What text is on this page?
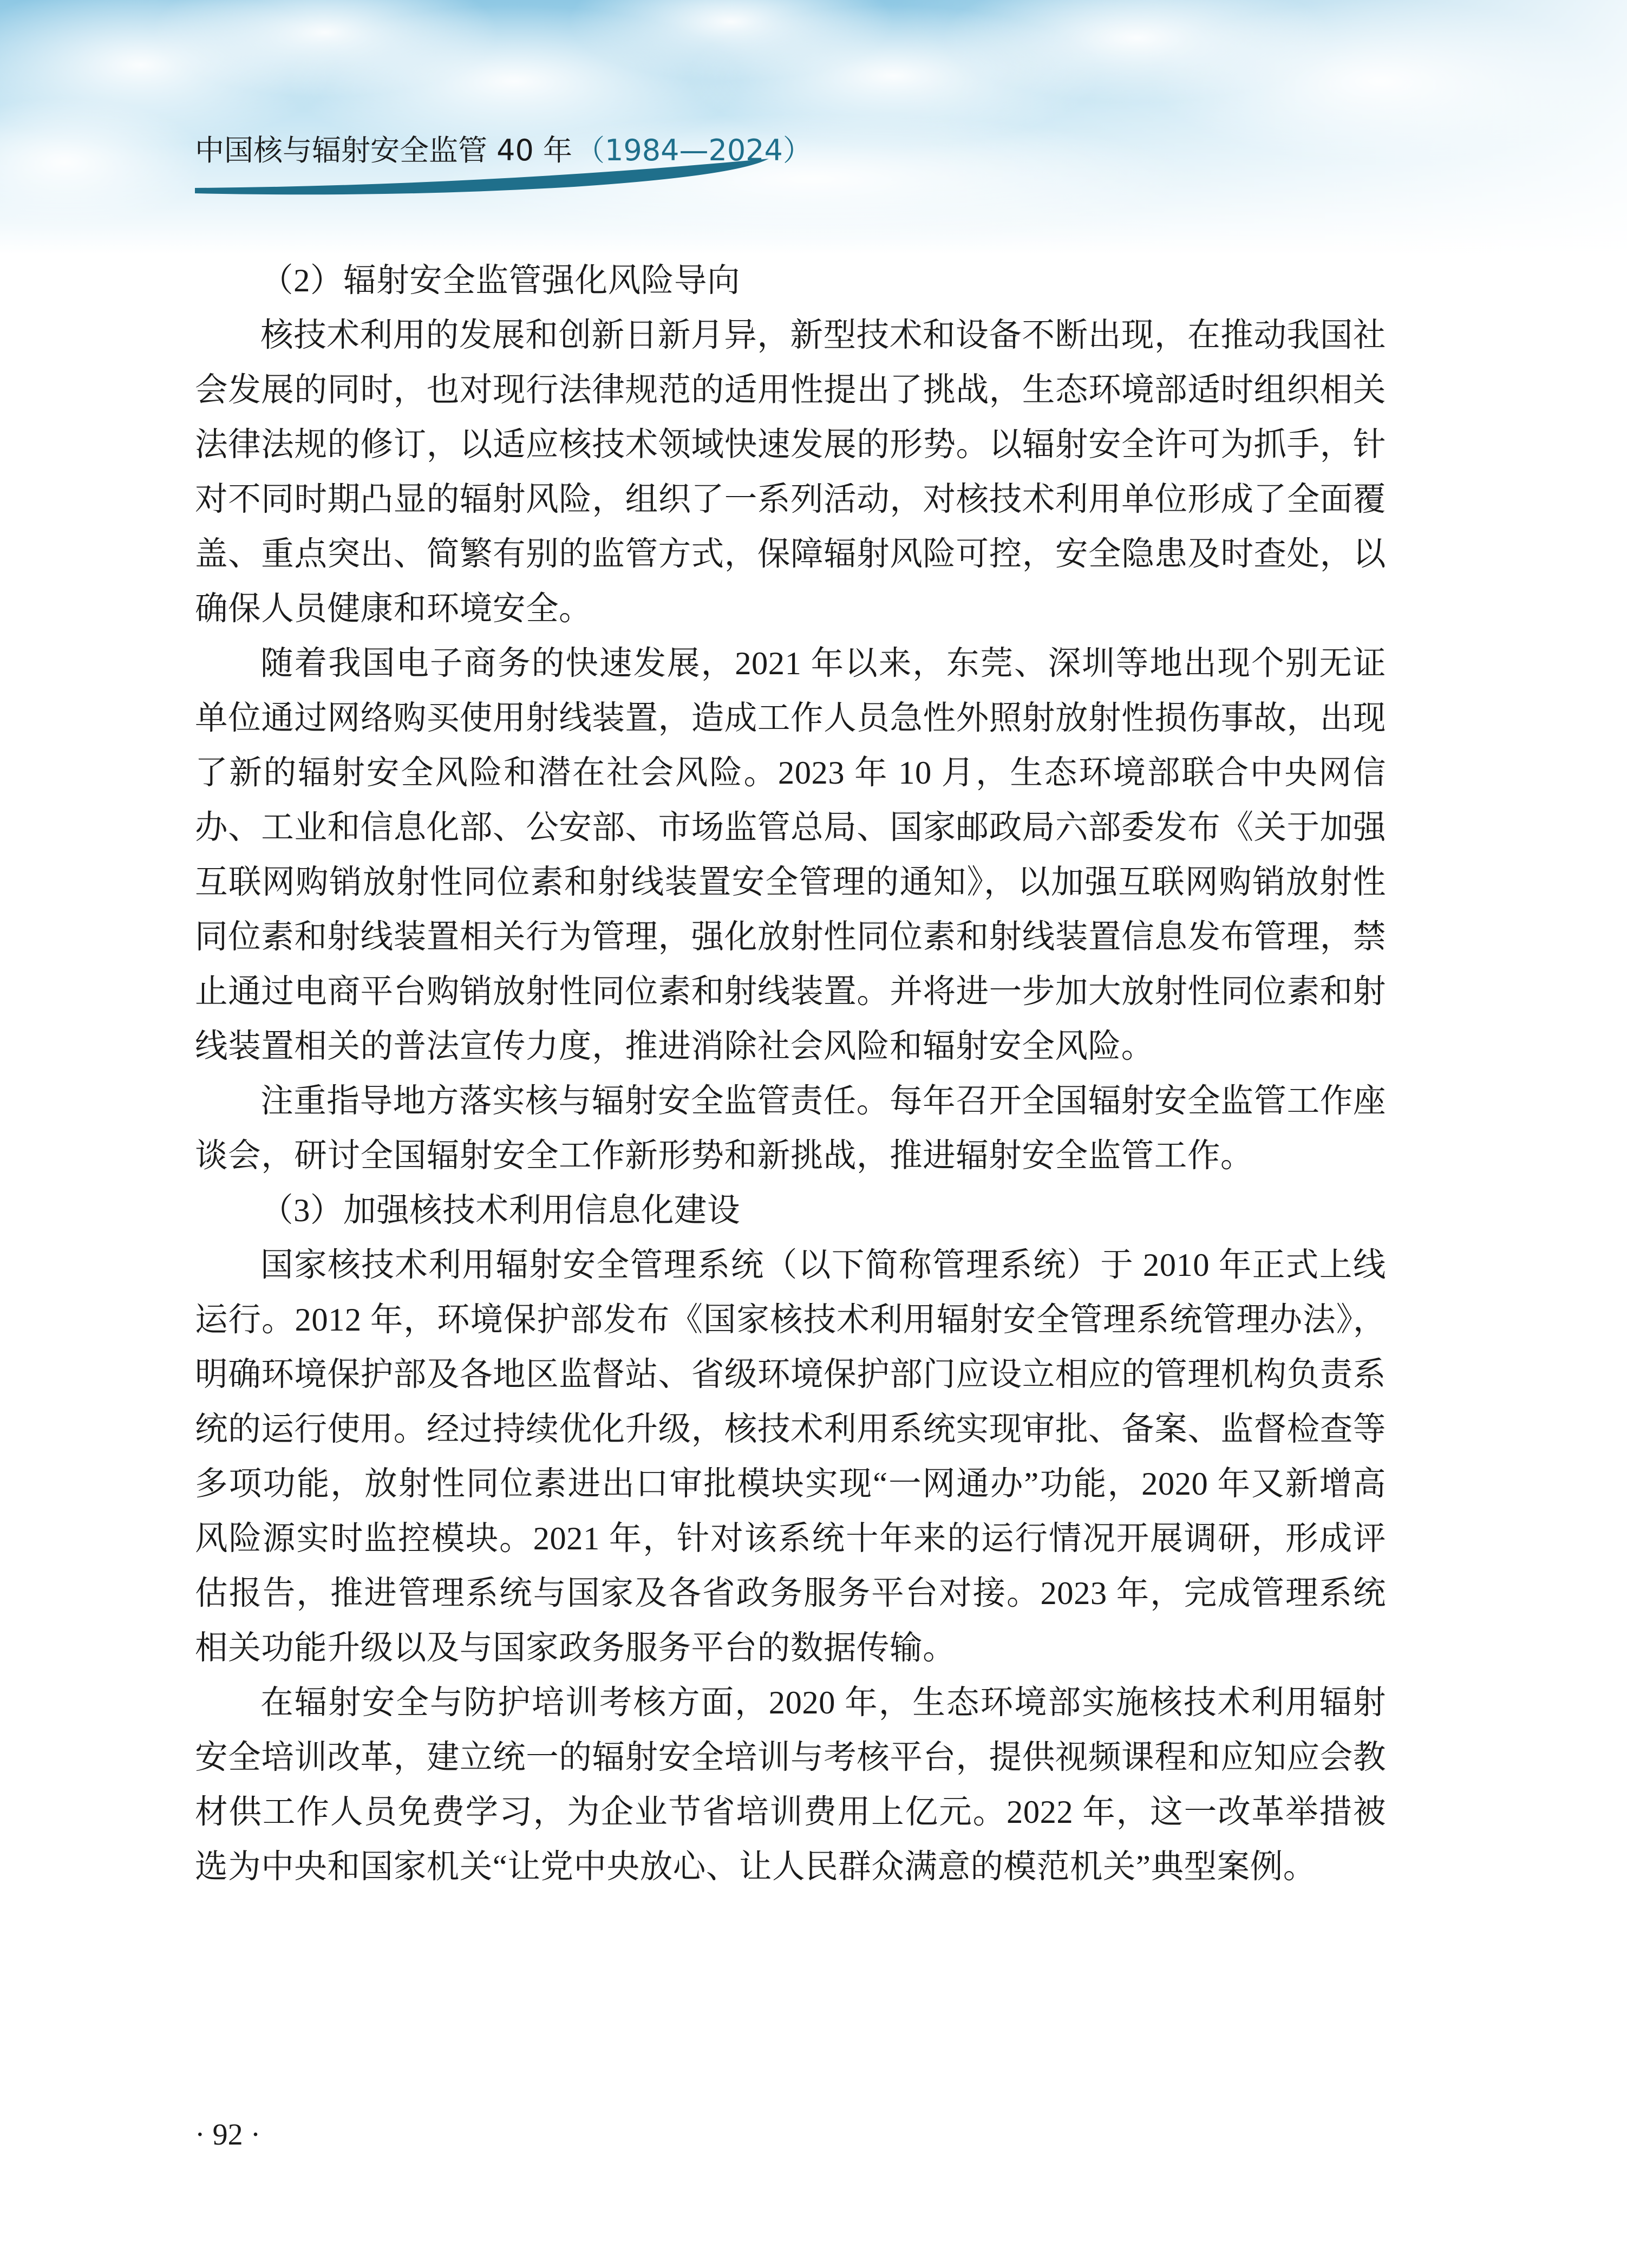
中国核与辐射安全监管 40 年 （1984—2024）

（2）辐射安全监管强化风险导向

核技术利用的发展和创新日新月异，新型技术和设备不断出现，在推动我国社会发展的同时，也对现行法律规范的适用性提出了挑战，生态环境部适时组织相关法律法规的修订，以适应核技术领域快速发展的形势。以辐射安全许可为抓手，针对不同时期凸显的辐射风险，组织了一系列活动，对核技术利用单位形成了全面覆盖、重点突出、简繁有别的监管方式，保障辐射风险可控，安全隐患及时查处，以确保人员健康和环境安全。

随着我国电子商务的快速发展，2021 年以来，东莞、深圳等地出现个别无证单位通过网络购买使用射线装置，造成工作人员急性外照射放射性损伤事故，出现了新的辐射安全风险和潜在社会风险。2023 年 10 月，生态环境部联合中央网信办、工业和信息化部、公安部、市场监管总局、国家邮政局六部委发布《关于加强互联网购销放射性同位素和射线装置安全管理的通知》，以加强互联网购销放射性同位素和射线装置相关行为管理，强化放射性同位素和射线装置信息发布管理，禁止通过电商平台购销放射性同位素和射线装置。并将进一步加大放射性同位素和射线装置相关的普法宣传力度，推进消除社会风险和辐射安全风险。

注重指导地方落实核与辐射安全监管责任。每年召开全国辐射安全监管工作座谈会，研讨全国辐射安全工作新形势和新挑战，推进辐射安全监管工作。

（3）加强核技术利用信息化建设

国家核技术利用辐射安全管理系统（以下简称管理系统）于 2010 年正式上线运行。2012 年，环境保护部发布《国家核技术利用辐射安全管理系统管理办法》，明确环境保护部及各地区监督站、省级环境保护部门应设立相应的管理机构负责系统的运行使用。经过持续优化升级，核技术利用系统实现审批、备案、监督检查等多项功能，放射性同位素进出口审批模块实现“一网通办”功能，2020 年又新增高风险源实时监控模块。2021 年，针对该系统十年来的运行情况开展调研，形成评估报告，推进管理系统与国家及各省政务服务平台对接。2023 年，完成管理系统相关功能升级以及与国家政务服务平台的数据传输。

在辐射安全与防护培训考核方面，2020 年，生态环境部实施核技术利用辐射安全培训改革，建立统一的辐射安全培训与考核平台，提供视频课程和应知应会教材供工作人员免费学习，为企业节省培训费用上亿元。2022 年，这一改革举措被选为中央和国家机关“让党中央放心、让人民群众满意的模范机关”典型案例。

· 92 ·
